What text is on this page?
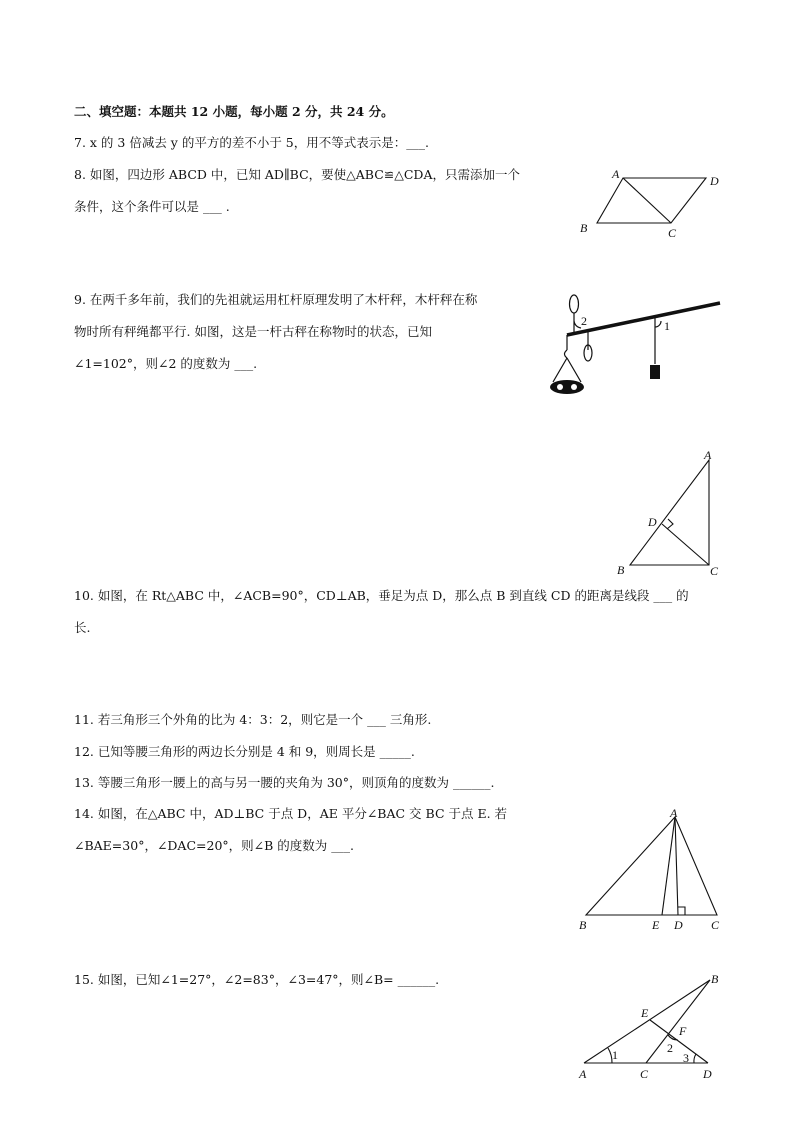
二、填空题：本题共 12 小题，每小题 2 分，共 24 分。
7. x 的 3 倍减去 y 的平方的差不小于 5，用不等式表示是：___.
8. 如图，四边形 ABCD 中，已知 AD∥BC，要使△ABC≌△CDA，只需添加一个
条件，这个条件可以是 ___ .
A	D
B	C
9. 在两千多年前，我们的先祖就运用杠杆原理发明了木杆秤，木杆秤在称
物时所有秤绳都平行. 如图，这是一杆古秤在称物时的状态，已知
∠1=102°，则∠2 的度数为 ___.
2	1
A
D
B	C
10. 如图，在 Rt△ABC 中，∠ACB=90°，CD⊥AB，垂足为点 D，那么点 B 到直线 CD 的距离是线段 ___ 的
长.
11. 若三角形三个外角的比为 4：3：2，则它是一个 ___ 三角形.
12. 已知等腰三角形的两边长分别是 4 和 9，则周长是 _____.
13. 等腰三角形一腰上的高与另一腰的夹角为 30°，则顶角的度数为 ______.
14. 如图，在△ABC 中，AD⊥BC 于点 D，AE 平分∠BAC 交 BC 于点 E. 若
∠BAE=30°，∠DAC=20°，则∠B 的度数为 ___.
A
B	E D C
15. 如图，已知∠1=27°，∠2=83°，∠3=47°，则∠B= ______.	B
E
F
2
1	3
A	C	D
